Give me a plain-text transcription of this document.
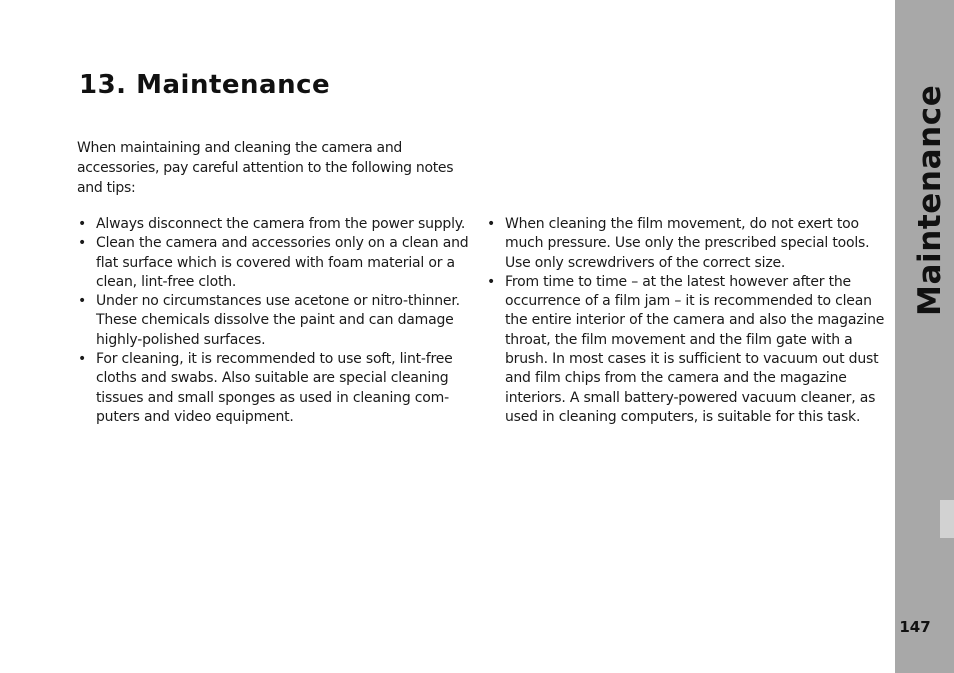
13. Maintenance

When maintaining and cleaning the camera and accessories, pay careful attention to the following notes and tips:

• Always disconnect the camera from the power supply.
• Clean the camera and accessories only on a clean and flat surface which is covered with foam material or a clean, lint-free cloth.
• Under no circumstances use acetone or nitro-thinner. These chemicals dissolve the paint and can damage highly-polished surfaces.
• For cleaning, it is recommended to use soft, lint-free cloths and swabs. Also suitable are special cleaning tissues and small sponges as used in cleaning com-puters and video equipment.
• When cleaning the film movement, do not exert too much pressure. Use only the prescribed special tools. Use only screwdrivers of the correct size.
• From time to time – at the latest however after the occurrence of a film jam – it is recommended to clean the entire interior of the camera and also the magazine throat, the film movement and the film gate with a brush. In most cases it is sufficient to vacuum out dust and film chips from the camera and the magazine interiors. A small battery-powered vacuum cleaner, as used in cleaning computers, is suitable for this task.
Maintenance
147
